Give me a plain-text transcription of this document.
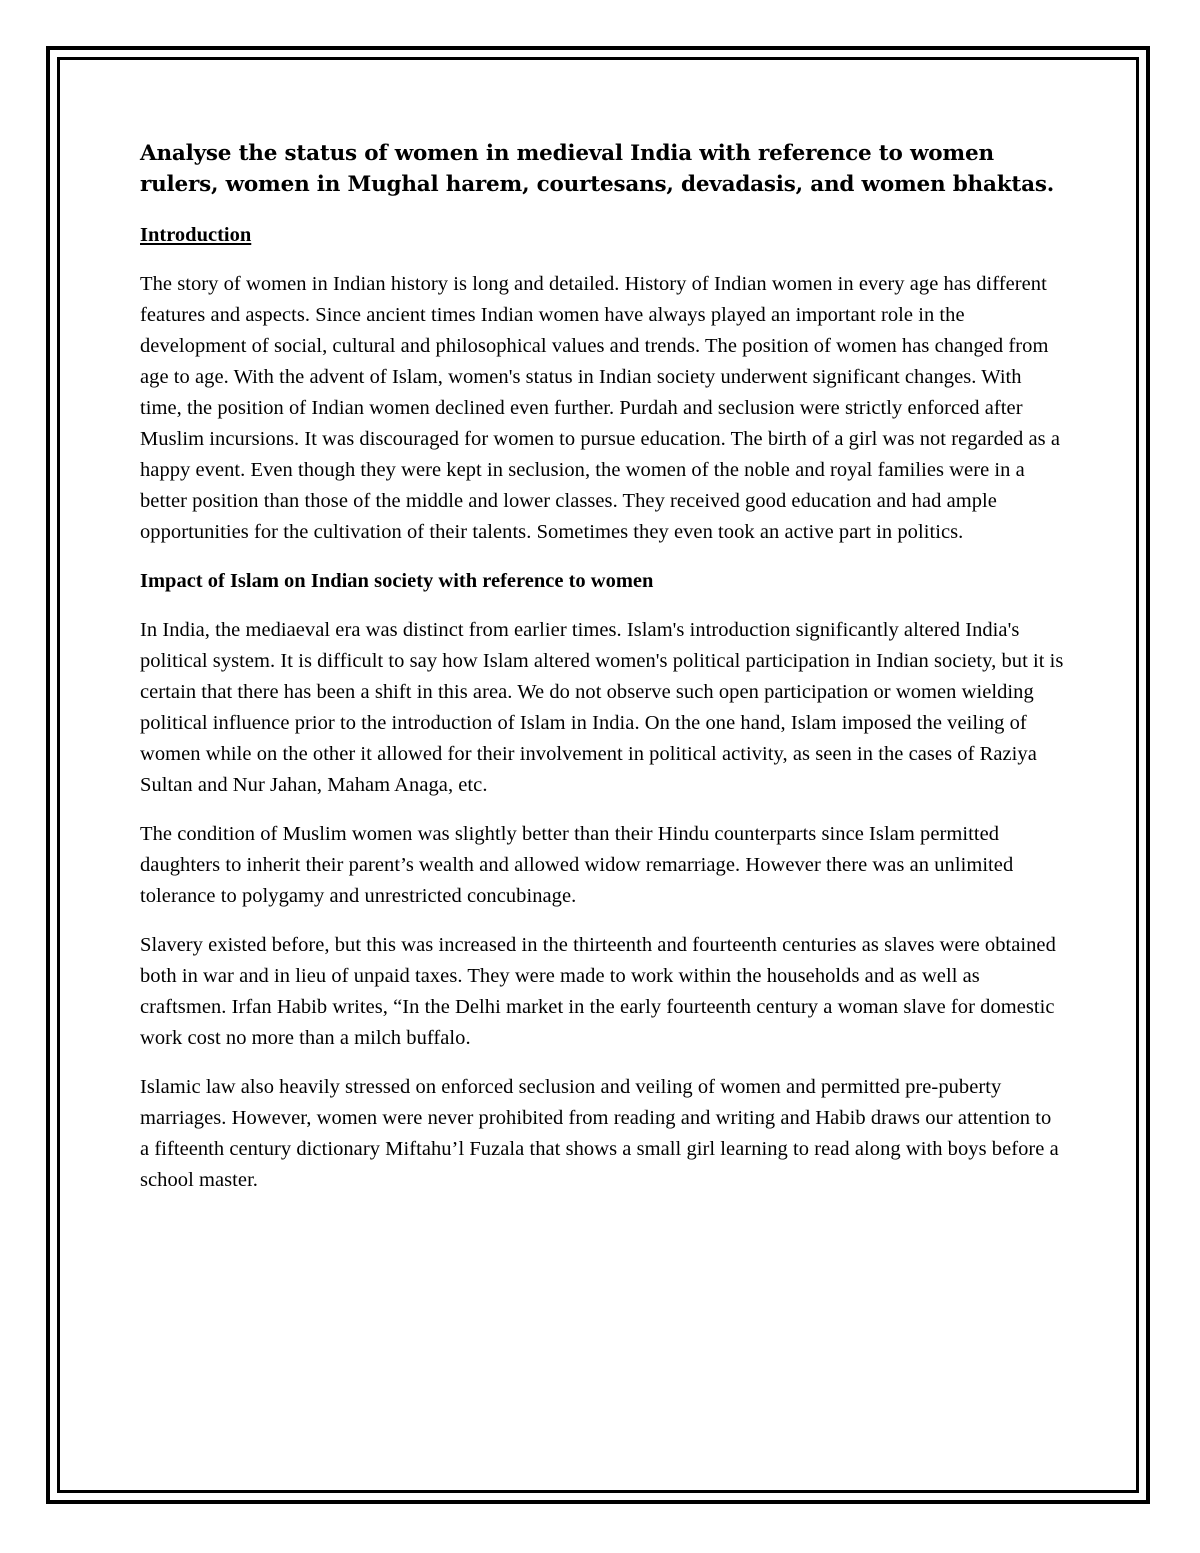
Analyse the status of women in medieval India with reference to women rulers, women in Mughal harem, courtesans, devadasis, and women bhaktas.
Introduction

The story of women in Indian history is long and detailed. History of Indian women in every age has different features and aspects. Since ancient times Indian women have always played an important role in the development of social, cultural and philosophical values and trends. The position of women has changed from age to age. With the advent of Islam, women's status in Indian society underwent significant changes. With time, the position of Indian women declined even further. Purdah and seclusion were strictly enforced after Muslim incursions. It was discouraged for women to pursue education. The birth of a girl was not regarded as a happy event. Even though they were kept in seclusion, the women of the noble and royal families were in a better position than those of the middle and lower classes. They received good education and had ample opportunities for the cultivation of their talents. Sometimes they even took an active part in politics.

Impact of Islam on Indian society with reference to women

In India, the mediaeval era was distinct from earlier times. Islam's introduction significantly altered India's political system. It is difficult to say how Islam altered women's political participation in Indian society, but it is certain that there has been a shift in this area. We do not observe such open participation or women wielding political influence prior to the introduction of Islam in India. On the one hand, Islam imposed the veiling of women while on the other it allowed for their involvement in political activity, as seen in the cases of Raziya Sultan and Nur Jahan, Maham Anaga, etc.

The condition of Muslim women was slightly better than their Hindu counterparts since Islam permitted daughters to inherit their parent’s wealth and allowed widow remarriage. However there was an unlimited tolerance to polygamy and unrestricted concubinage.

Slavery existed before, but this was increased in the thirteenth and fourteenth centuries as slaves were obtained both in war and in lieu of unpaid taxes. They were made to work within the households and as well as craftsmen. Irfan Habib writes, “In the Delhi market in the early fourteenth century a woman slave for domestic work cost no more than a milch buffalo.

Islamic law also heavily stressed on enforced seclusion and veiling of women and permitted pre-puberty marriages. However, women were never prohibited from reading and writing and Habib draws our attention to a fifteenth century dictionary Miftahu’l Fuzala that shows a small girl learning to read along with boys before a school master.
